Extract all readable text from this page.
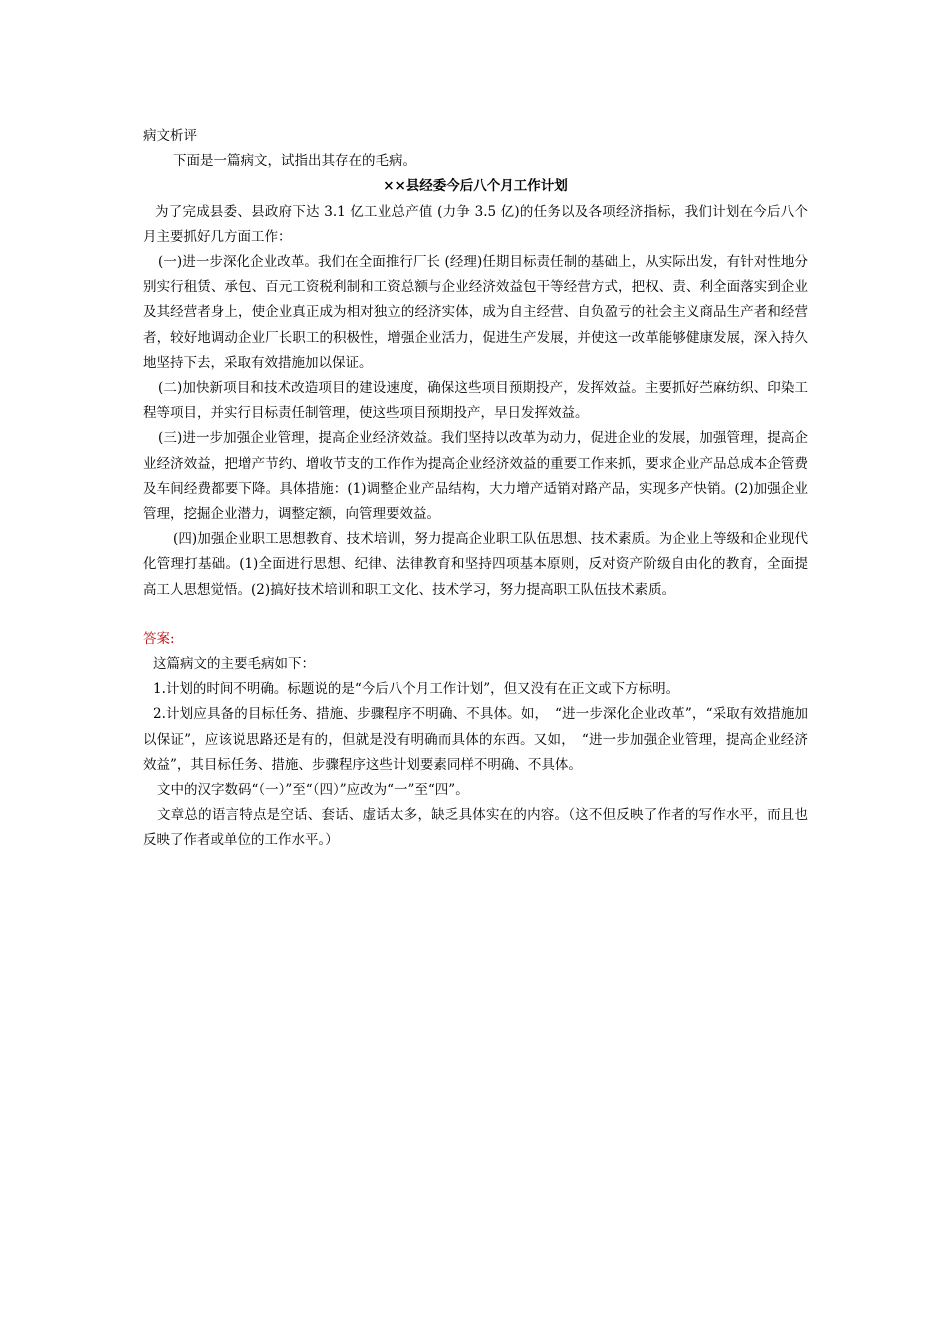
病文析评
下面是一篇病文，试指出其存在的毛病。
××县经委今后八个月工作计划

为了完成县委、县政府下达 3.1 亿工业总产值 (力争 3.5 亿)的任务以及各项经济指标，我们计划在今后八个月主要抓好几方面工作：

(一)进一步深化企业改革。我们在全面推行厂长 (经理)任期目标责任制的基础上，从实际出发，有针对性地分别实行租赁、承包、百元工资税利制和工资总额与企业经济效益包干等经营方式，把权、责、利全面落实到企业及其经营者身上，使企业真正成为相对独立的经济实体，成为自主经营、自负盈亏的社会主义商品生产者和经营者，较好地调动企业厂长职工的积极性，增强企业活力，促进生产发展，并使这一改革能够健康发展，深入持久地坚持下去，采取有效措施加以保证。

(二)加快新项目和技术改造项目的建设速度，确保这些项目预期投产，发挥效益。主要抓好苎麻纺织、印染工程等项目，并实行目标责任制管理，使这些项目预期投产，早日发挥效益。

(三)进一步加强企业管理，提高企业经济效益。我们坚持以改革为动力，促进企业的发展，加强管理，提高企业经济效益，把增产节约、增收节支的工作作为提高企业经济效益的重要工作来抓，要求企业产品总成本企管费及车间经费都要下降。具体措施：(1)调整企业产品结构，大力增产适销对路产品，实现多产快销。(2)加强企业管理，挖掘企业潜力，调整定额，向管理要效益。

(四)加强企业职工思想教育、技术培训，努力提高企业职工队伍思想、技术素质。为企业上等级和企业现代化管理打基础。(1)全面进行思想、纪律、法律教育和坚持四项基本原则，反对资产阶级自由化的教育，全面提高工人思想觉悟。(2)搞好技术培训和职工文化、技术学习，努力提高职工队伍技术素质。

答案:
这篇病文的主要毛病如下：

1.计划的时间不明确。标题说的是“今后八个月工作计划”，但又没有在正文或下方标明。

2.计划应具备的目标任务、措施、步骤程序不明确、不具体。如，　“进一步深化企业改革”，“采取有效措施加以保证”，应该说思路还是有的，但就是没有明确而具体的东西。又如，　“进一步加强企业管理，提高企业经济效益”，其目标任务、措施、步骤程序这些计划要素同样不明确、不具体。

文中的汉字数码“（一）”至“（四）”应改为“一”至“四”。

文章总的语言特点是空话、套话、虚话太多，缺乏具体实在的内容。（这不但反映了作者的写作水平，而且也反映了作者或单位的工作水平。）
